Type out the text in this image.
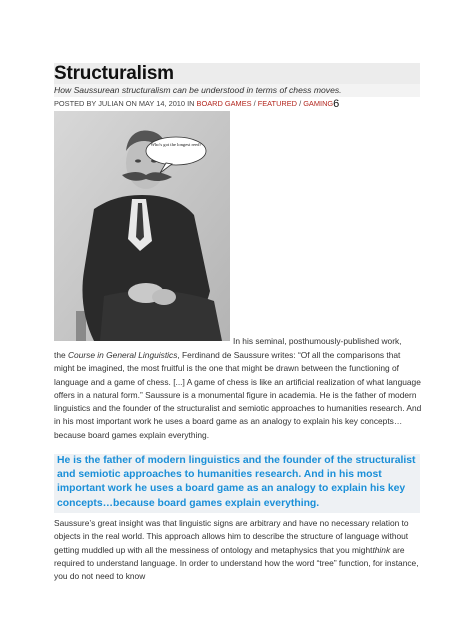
Structuralism
How Saussurean structuralism can be understood in terms of chess moves.
POSTED BY JULIAN ON MAY 14, 2010 IN BOARD GAMES / FEATURED / GAMING6
Who's got the longest reed?
In his seminal, posthumously-published work,
the Course in General Linguistics, Ferdinand de Saussure writes: “Of all the comparisons that might be imagined, the most fruitful is the one that might be drawn between the functioning of language and a game of chess. [...] A game of chess is like an artificial realization of what language offers in a natural form.” Saussure is a monumental figure in academia. He is the father of modern linguistics and the founder of the structuralist and semiotic approaches to humanities research. And in his most important work he uses a board game as an analogy to explain his key concepts…because board games explain everything.
He is the father of modern linguistics and the founder of the structuralist and semiotic approaches to humanities research. And in his most important work he uses a board game as an analogy to explain his key concepts…because board games explain everything.
Saussure’s great insight was that linguistic signs are arbitrary and have no necessary relation to objects in the real world. This approach allows him to describe the structure of language without getting muddled up with all the messiness of ontology and metaphysics that you mightthink are required to understand language. In order to understand how the word “tree” function, for instance, you do not need to know
